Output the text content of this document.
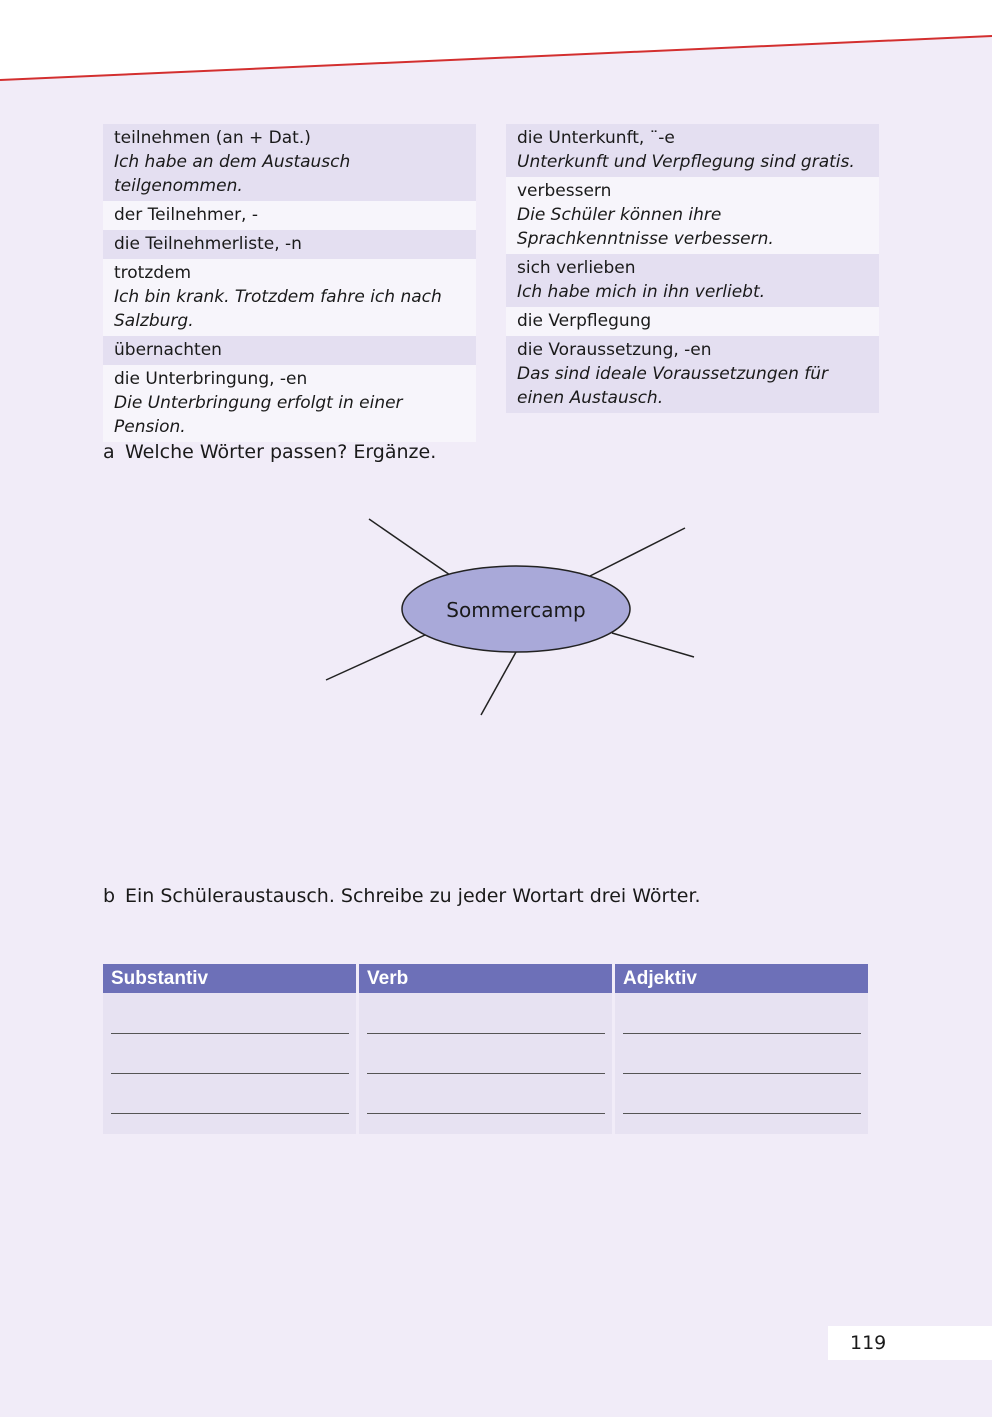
teilnehmen (an + Dat.)
Ich habe an dem Austausch teilgenommen.
der Teilnehmer, -
die Teilnehmerliste, -n
trotzdem
Ich bin krank. Trotzdem fahre ich nach Salzburg.
übernachten
die Unterbringung, -en
Die Unterbringung erfolgt in einer Pension.
die Unterkunft, ¨-e
Unterkunft und Verpflegung sind gratis.
verbessern
Die Schüler können ihre Sprachkenntnisse verbessern.
sich verlieben
Ich habe mich in ihn verliebt.
die Verpflegung
die Voraussetzung, -en
Das sind ideale Voraussetzungen für einen Austausch.
a Welche Wörter passen? Ergänze.
Sommercamp
b Ein Schüleraustausch. Schreibe zu jeder Wortart drei Wörter.
Substantiv	Verb	Adjektiv
119
